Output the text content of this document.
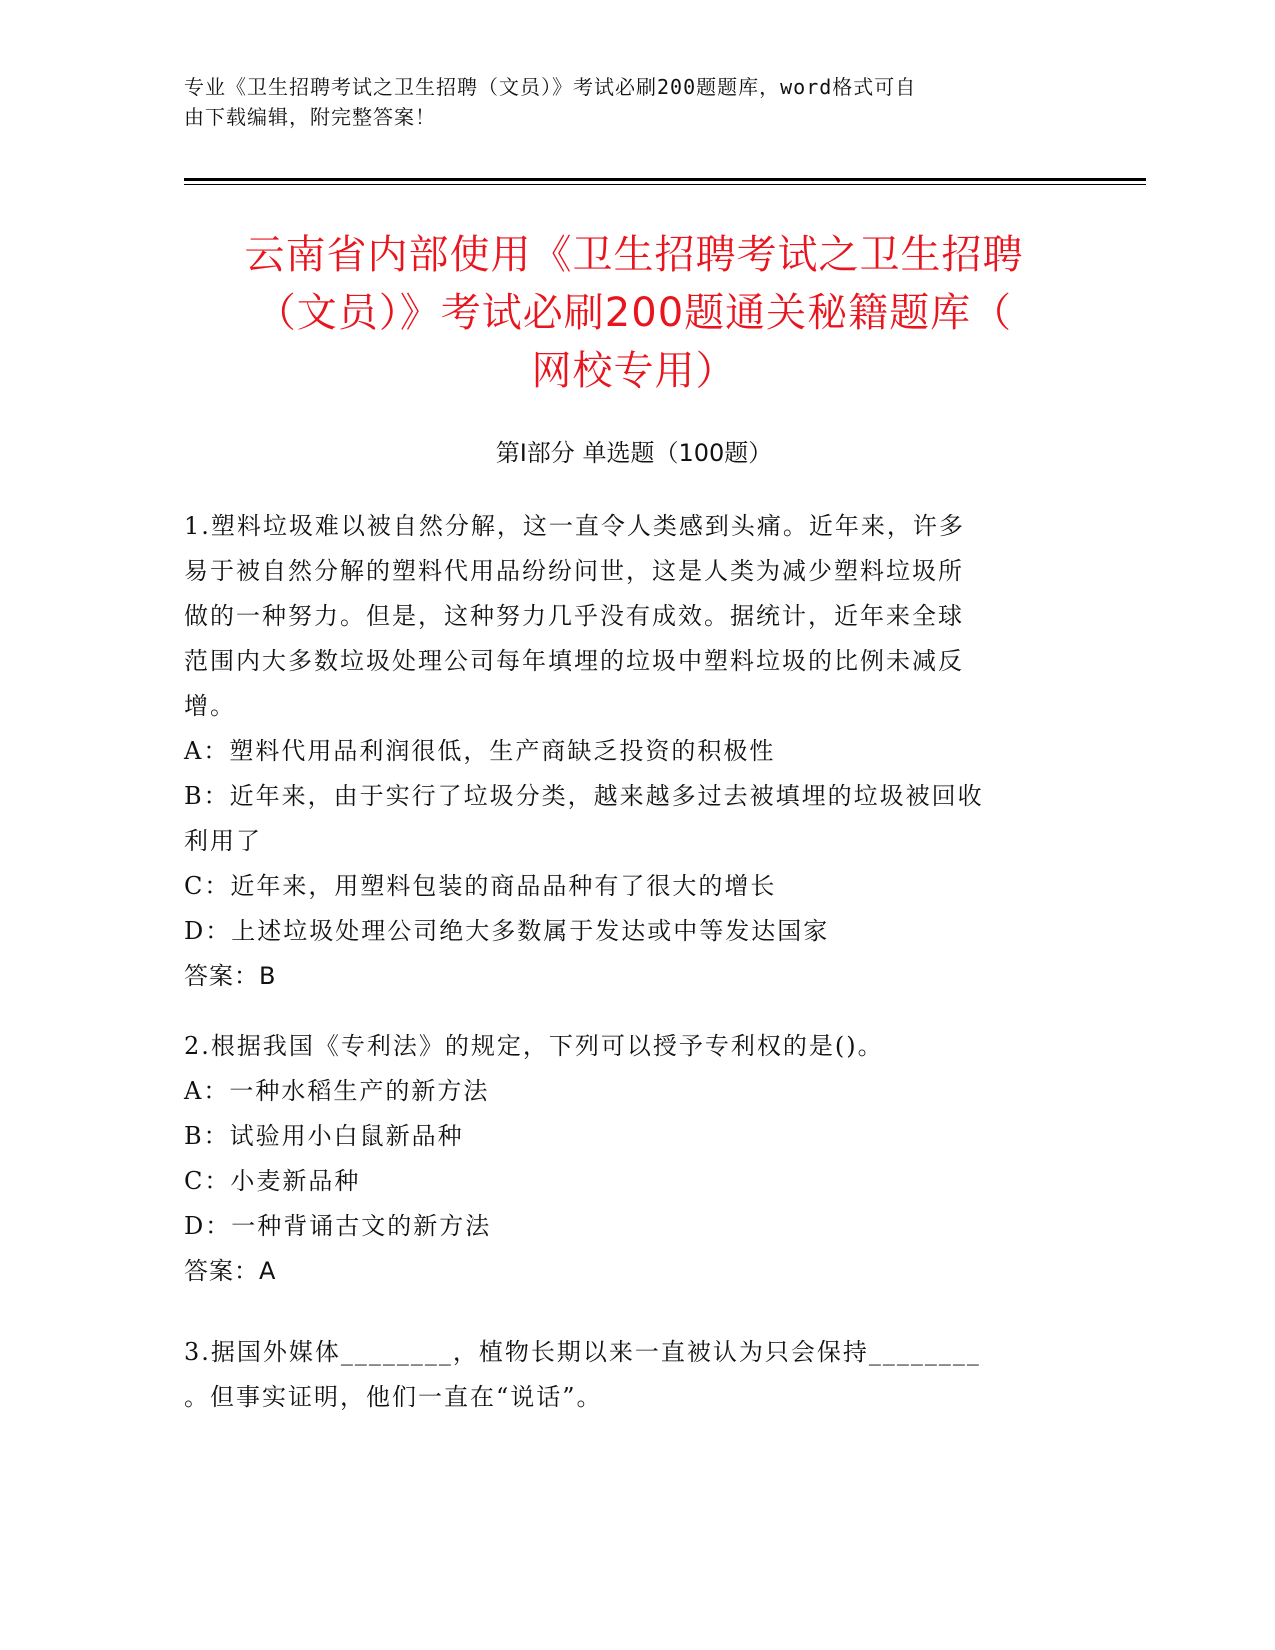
专业《卫生招聘考试之卫生招聘（文员）》考试必刷200题题库，word格式可自
由下载编辑，附完整答案！
云南省内部使用《卫生招聘考试之卫生招聘
（文员）》考试必刷200题通关秘籍题库（
网校专用）
第I部分 单选题（100题）

1.塑料垃圾难以被自然分解，这一直令人类感到头痛。近年来，许多

易于被自然分解的塑料代用品纷纷问世，这是人类为减少塑料垃圾所

做的一种努力。但是，这种努力几乎没有成效。据统计，近年来全球

范围内大多数垃圾处理公司每年填埋的垃圾中塑料垃圾的比例未减反

增。

A：塑料代用品利润很低，生产商缺乏投资的积极性

B：近年来，由于实行了垃圾分类，越来越多过去被填埋的垃圾被回收

利用了

C：近年来，用塑料包装的商品品种有了很大的增长

D：上述垃圾处理公司绝大多数属于发达或中等发达国家

答案：B

2.根据我国《专利法》的规定，下列可以授予专利权的是()。

A：一种水稻生产的新方法

B：试验用小白鼠新品种

C：小麦新品种

D：一种背诵古文的新方法

答案：A

3.据国外媒体________，植物长期以来一直被认为只会保持________

。但事实证明，他们一直在“说话”。
